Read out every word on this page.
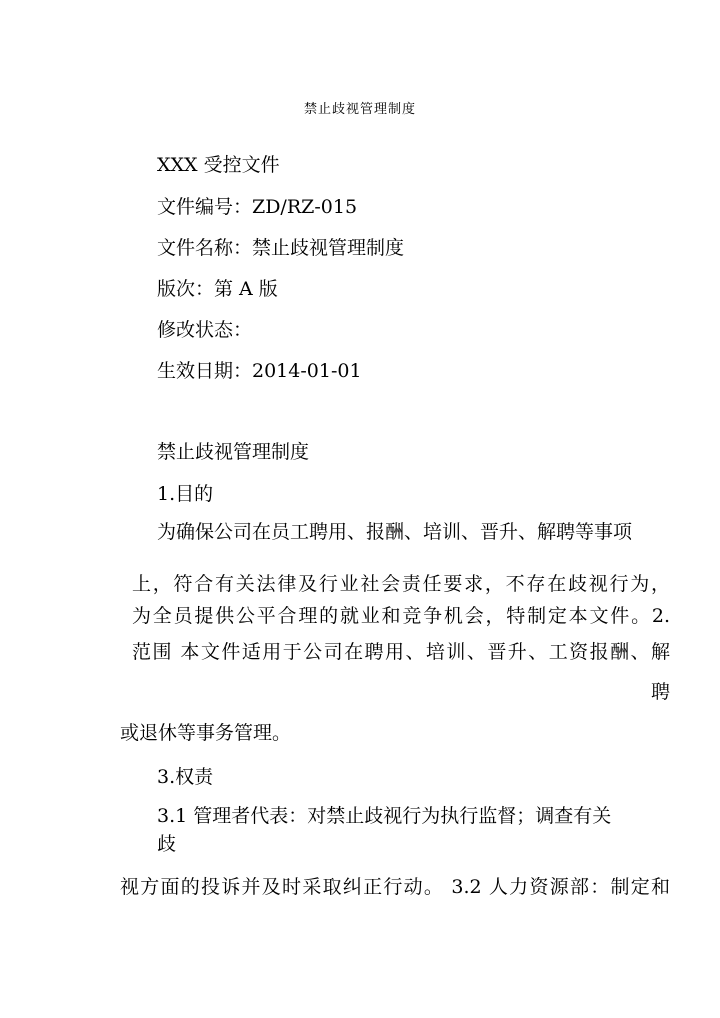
禁止歧视管理制度
XXX 受控文件
文件编号：ZD/RZ-015
文件名称：禁止歧视管理制度
版次：第 A 版
修改状态：
生效日期：2014-01-01
禁止歧视管理制度
1.目的
为确保公司在员工聘用、报酬、培训、晋升、解聘等事项
上，符合有关法律及行业社会责任要求，不存在歧视行为，
为全员提供公平合理的就业和竞争机会，特制定本文件。2.
范围 本文件适用于公司在聘用、培训、晋升、工资报酬、解
聘
或退休等事务管理。
3.权责
3.1 管理者代表：对禁止歧视行为执行监督；调查有关
歧
视方面的投诉并及时采取纠正行动。 3.2 人力资源部：制定和
